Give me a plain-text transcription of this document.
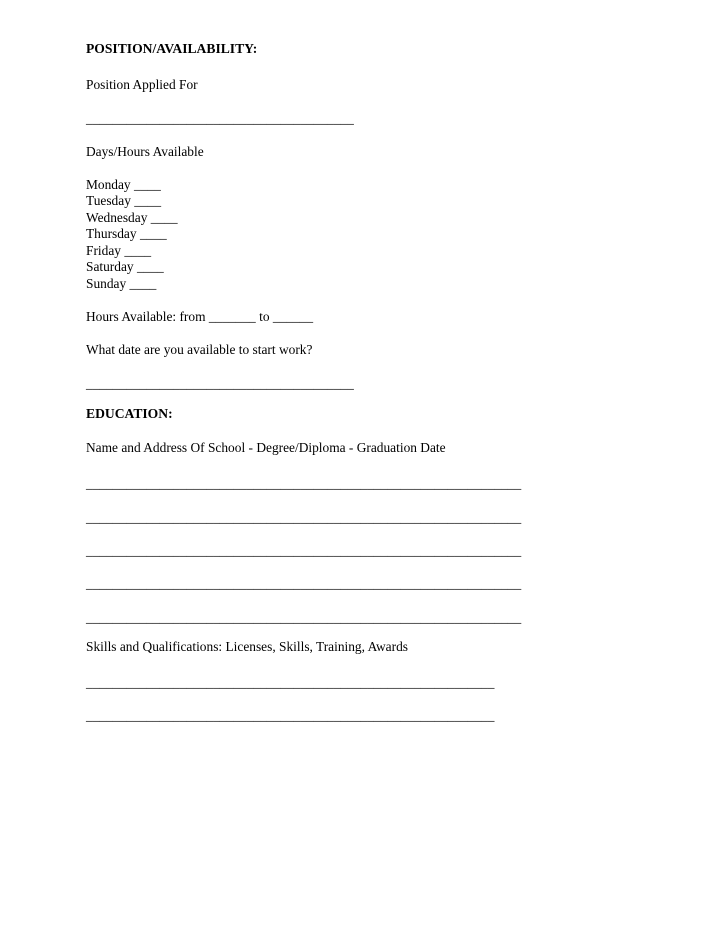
POSITION/AVAILABILITY:
Position Applied For
________________________________________
Days/Hours Available
Monday ____
Tuesday ____
Wednesday ____
Thursday ____
Friday ____
Saturday ____
Sunday ____
Hours Available: from _______ to ______
What date are you available to start work?
________________________________________
EDUCATION:
Name and Address Of School - Degree/Diploma - Graduation Date
_________________________________________________________________
_________________________________________________________________
_________________________________________________________________
_________________________________________________________________
_________________________________________________________________
Skills and Qualifications: Licenses, Skills, Training, Awards
_____________________________________________________________
_____________________________________________________________
